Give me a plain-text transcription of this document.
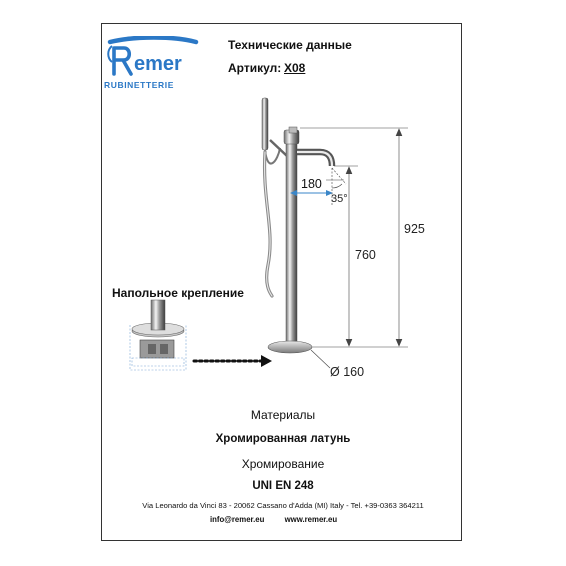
emer
RUBINETTERIE
Технические данные
Артикул: X08
Напольное крепление
180
35°
760
925
Ø 160
Материалы
Хромированная латунь
Хромирование
UNI EN 248
Via Leonardo da Vinci 83 - 20062 Cassano d'Adda (MI) Italy - Tel. +39-0363 364211
info@remer.eu	www.remer.eu
